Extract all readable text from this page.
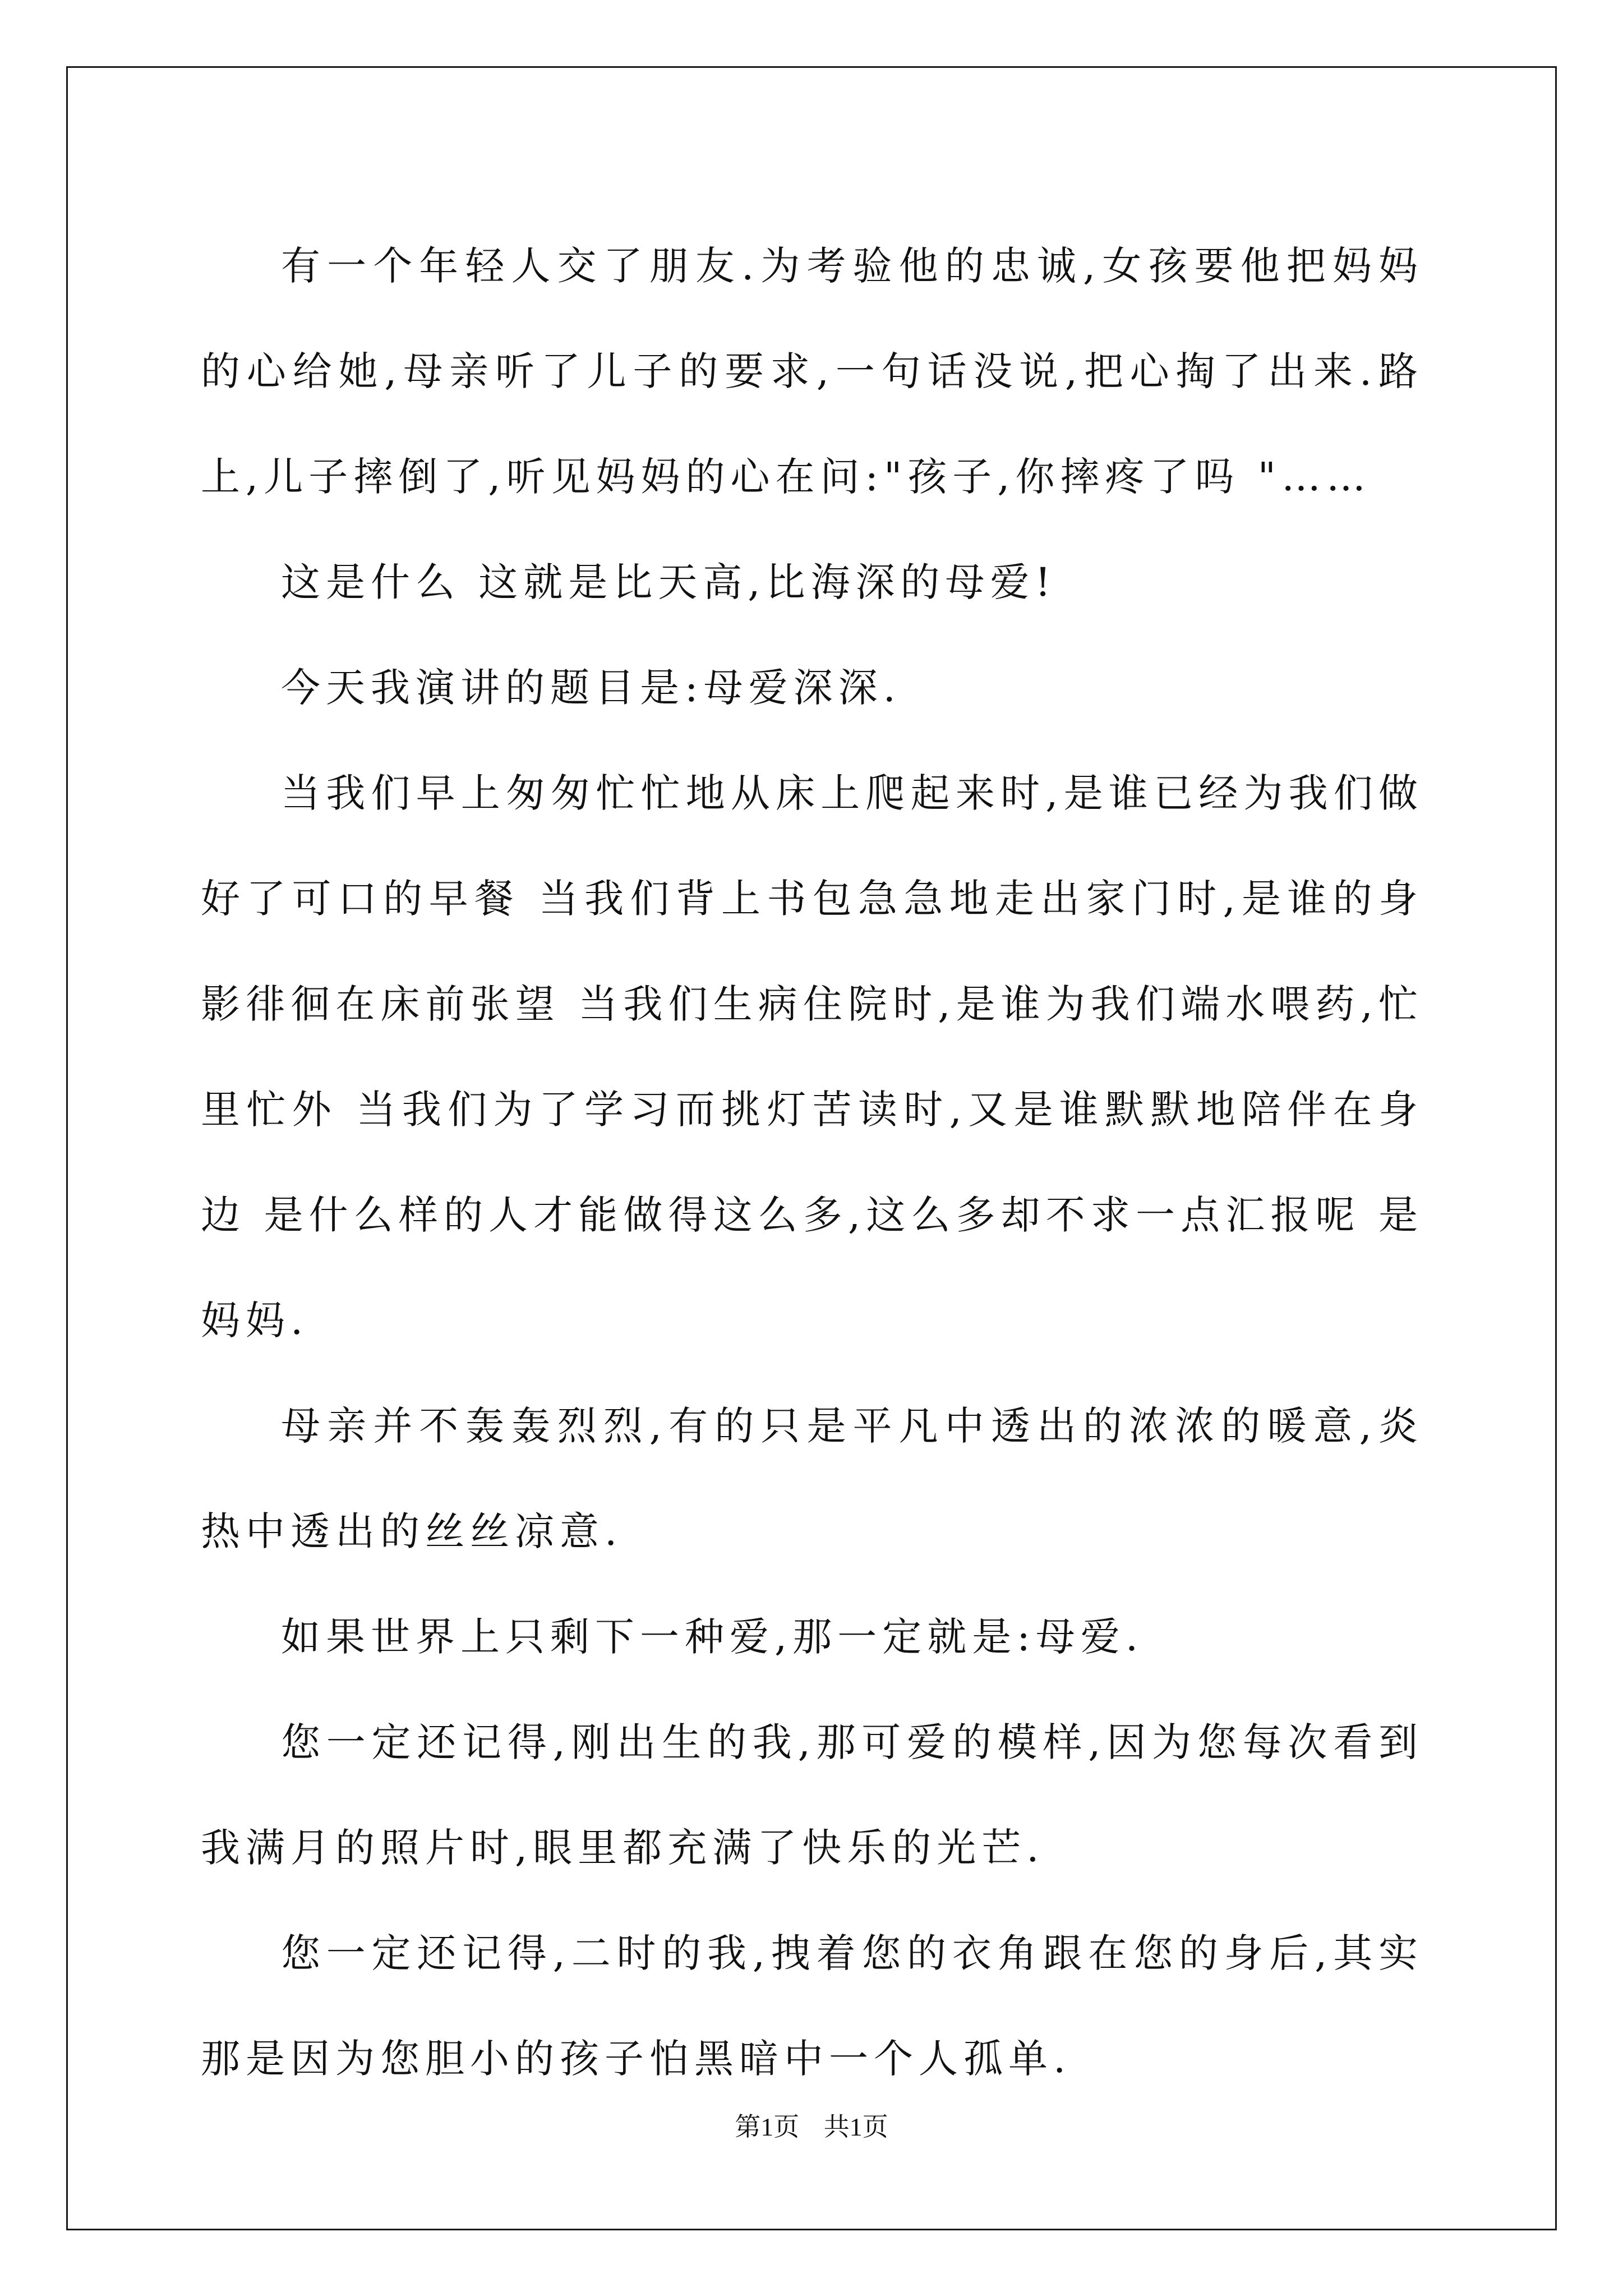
有一个年轻人交了朋友.为考验他的忠诚,女孩要他把妈妈的心给她,母亲听了儿子的要求,一句话没说,把心掏了出来.路上,儿子摔倒了,听见妈妈的心在问:"孩子,你摔疼了吗 "……

这是什么 这就是比天高,比海深的母爱!

今天我演讲的题目是:母爱深深.

当我们早上匆匆忙忙地从床上爬起来时,是谁已经为我们做好了可口的早餐 当我们背上书包急急地走出家门时,是谁的身影徘徊在床前张望 当我们生病住院时,是谁为我们端水喂药,忙里忙外 当我们为了学习而挑灯苦读时,又是谁默默地陪伴在身边 是什么样的人才能做得这么多,这么多却不求一点汇报呢 是妈妈.

母亲并不轰轰烈烈,有的只是平凡中透出的浓浓的暖意,炎热中透出的丝丝凉意.

如果世界上只剩下一种爱,那一定就是:母爱.

您一定还记得,刚出生的我,那可爱的模样,因为您每次看到我满月的照片时,眼里都充满了快乐的光芒.

您一定还记得,二时的我,拽着您的衣角跟在您的身后,其实那是因为您胆小的孩子怕黑暗中一个人孤单.

第1页 共1页
